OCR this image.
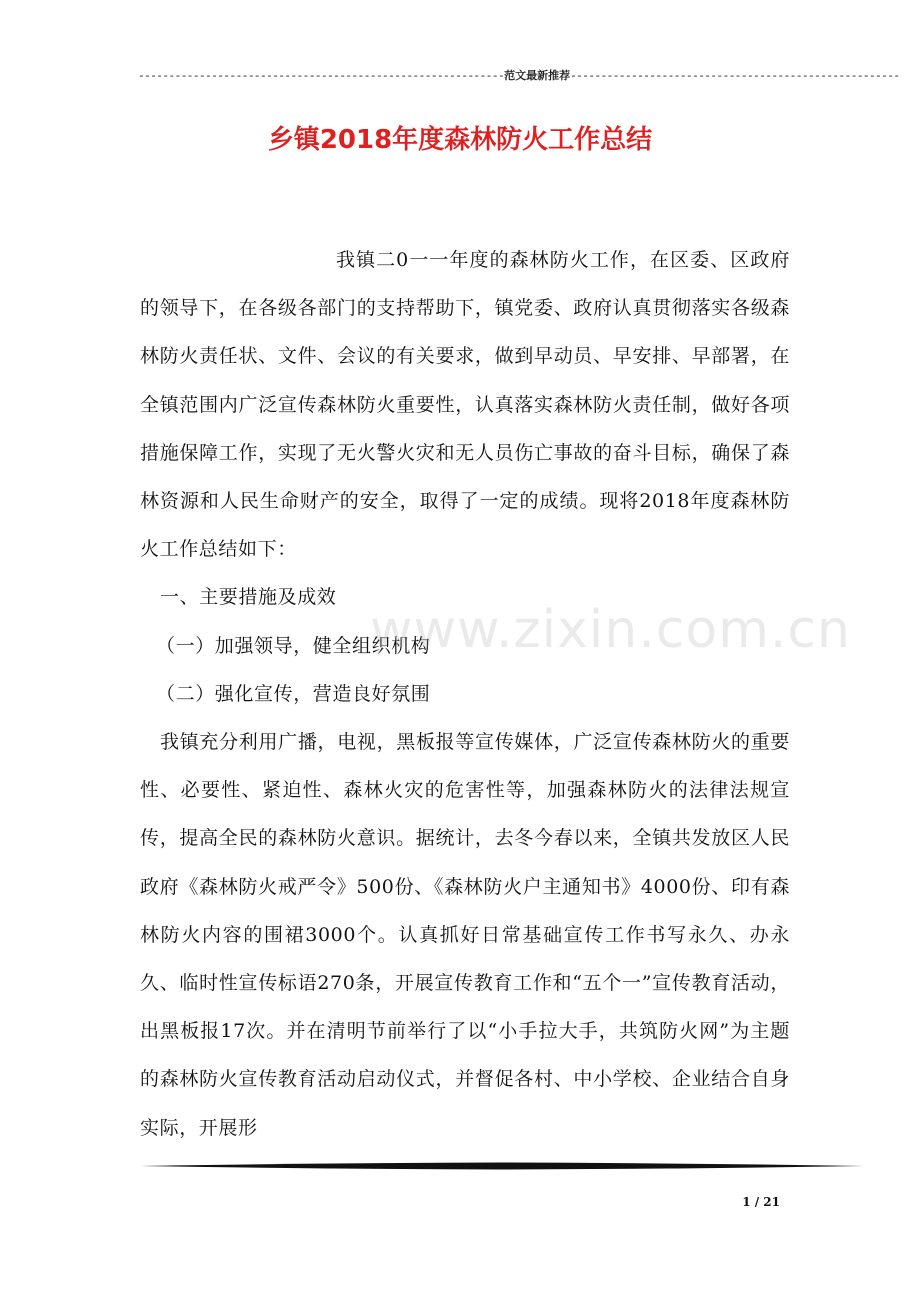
------------------------------------------------------------范文最新推荐------------------------------------------------------
乡镇2018年度森林防火工作总结

我镇二0一一年度的森林防火工作，在区委、区政府的领导下，在各级各部门的支持帮助下，镇党委、政府认真贯彻落实各级森林防火责任状、文件、会议的有关要求，做到早动员、早安排、早部署，在全镇范围内广泛宣传森林防火重要性，认真落实森林防火责任制，做好各项措施保障工作，实现了无火警火灾和无人员伤亡事故的奋斗目标，确保了森林资源和人民生命财产的安全，取得了一定的成绩。现将2018年度森林防火工作总结如下：

一、主要措施及成效

（一）加强领导，健全组织机构

（二）强化宣传，营造良好氛围

我镇充分利用广播，电视，黑板报等宣传媒体，广泛宣传森林防火的重要性、必要性、紧迫性、森林火灾的危害性等，加强森林防火的法律法规宣传，提高全民的森林防火意识。据统计，去冬今春以来，全镇共发放区人民政府《森林防火戒严令》500份、《森林防火户主通知书》4000份、印有森林防火内容的围裙3000个。认真抓好日常基础宣传工作书写永久、办永久、临时性宣传标语270条，开展宣传教育工作和“五个一”宣传教育活动，出黑板报17次。并在清明节前举行了以“小手拉大手，共筑防火网”为主题的森林防火宣传教育活动启动仪式，并督促各村、中小学校、企业结合自身实际，开展形

www.zixin.com.cn
1 / 21
